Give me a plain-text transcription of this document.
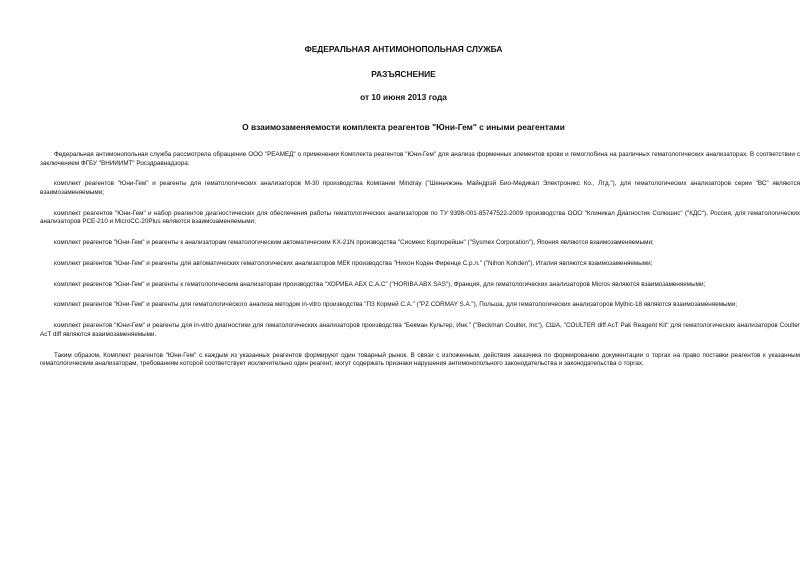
ФЕДЕРАЛЬНАЯ АНТИМОНОПОЛЬНАЯ СЛУЖБА
РАЗЪЯСНЕНИЕ
от 10 июня 2013 года
О взаимозаменяемости комплекта реагентов "Юни-Гем" с иными реагентами

Федеральная антимонопольная служба рассмотрела обращение ООО "РЕАМЕД" о применении Комплекта реагентов "Юни-Гем" для анализа форменных элементов крови и гемоглобина на различных гематологических анализаторах. В соответствии с заключением ФГБУ "ВНИИИМТ" Росздравнадзора:

комплект реагентов "Юни-Гем" и реагенты для гематологических анализаторов М-30 производства Компании Mindray ("Шеньчжэнь Майндрэй Био-Медикал Электроникс Ко., Лтд."), для гематологических анализаторов серии "ВС" являются взаимозаменяемыми;

комплект реагентов "Юни-Гем" и набор реагентов диагностических для обеспечения работы гематологических анализаторов по ТУ 9398-001-85747522-2009 производства ООО "Клиникал Диагностик Солюшнс" ("КДС"), Россия, для гематологических анализаторов РСЕ-210 и MicroCC-20Plus являются взаимозаменяемыми;

комплект реагентов "Юни-Гем" и реагенты к анализаторам гематологическим автоматическим KX-21N производства "Сисмекс Корпорейшн" ("Sysmex Corporation"), Япония являются взаимозаменяемыми;

комплект реагентов "Юни-Гем" и реагенты для автоматических гематологических анализаторов МЕК производства "Нихон Коден Фиренце С.р.л." ("Nihon Kohden"), Италия являются взаимозаменяемыми;

комплект реагентов "Юни-Гем" и реагенты к гематологическим анализаторам производства "ХОРИБА АБХ С.А.С" ("HORIBA ABX SAS"), Франция, для гематологических анализаторов Micros являются взаимозаменяемыми;

комплект реагентов "Юни-Гем" и реагенты для гематологического анализа методом in-vitro производства "ПЗ Кормей С.А." ("PZ CORMAY S.A."), Польша, для гематологических анализаторов Mythic-18 являются взаимозаменяемыми;

комплект реагентов "Юни-Гем" и реагенты для in-vitro диагностики для гематологических анализаторов производства "Бекман Культер, Инк." ("Beckman Coulter, Inc"), США, "COULTER diff AcT Pak Reagent Kit" для гематологических анализаторов Coulter AcT diff являются взаимозаменяемыми.

Таким образом, Комплект реагентов "Юни-Гем" с каждым из указанных реагентов формируют один товарный рынок. В связи с изложенным, действия заказчика по формированию документации о торгах на право поставки реагентов к указанным гематологическим анализаторам, требованиям которой соответствует исключительно один реагент, могут содержать признаки нарушения антимонопольного законодательства и законодательства о торгах.
